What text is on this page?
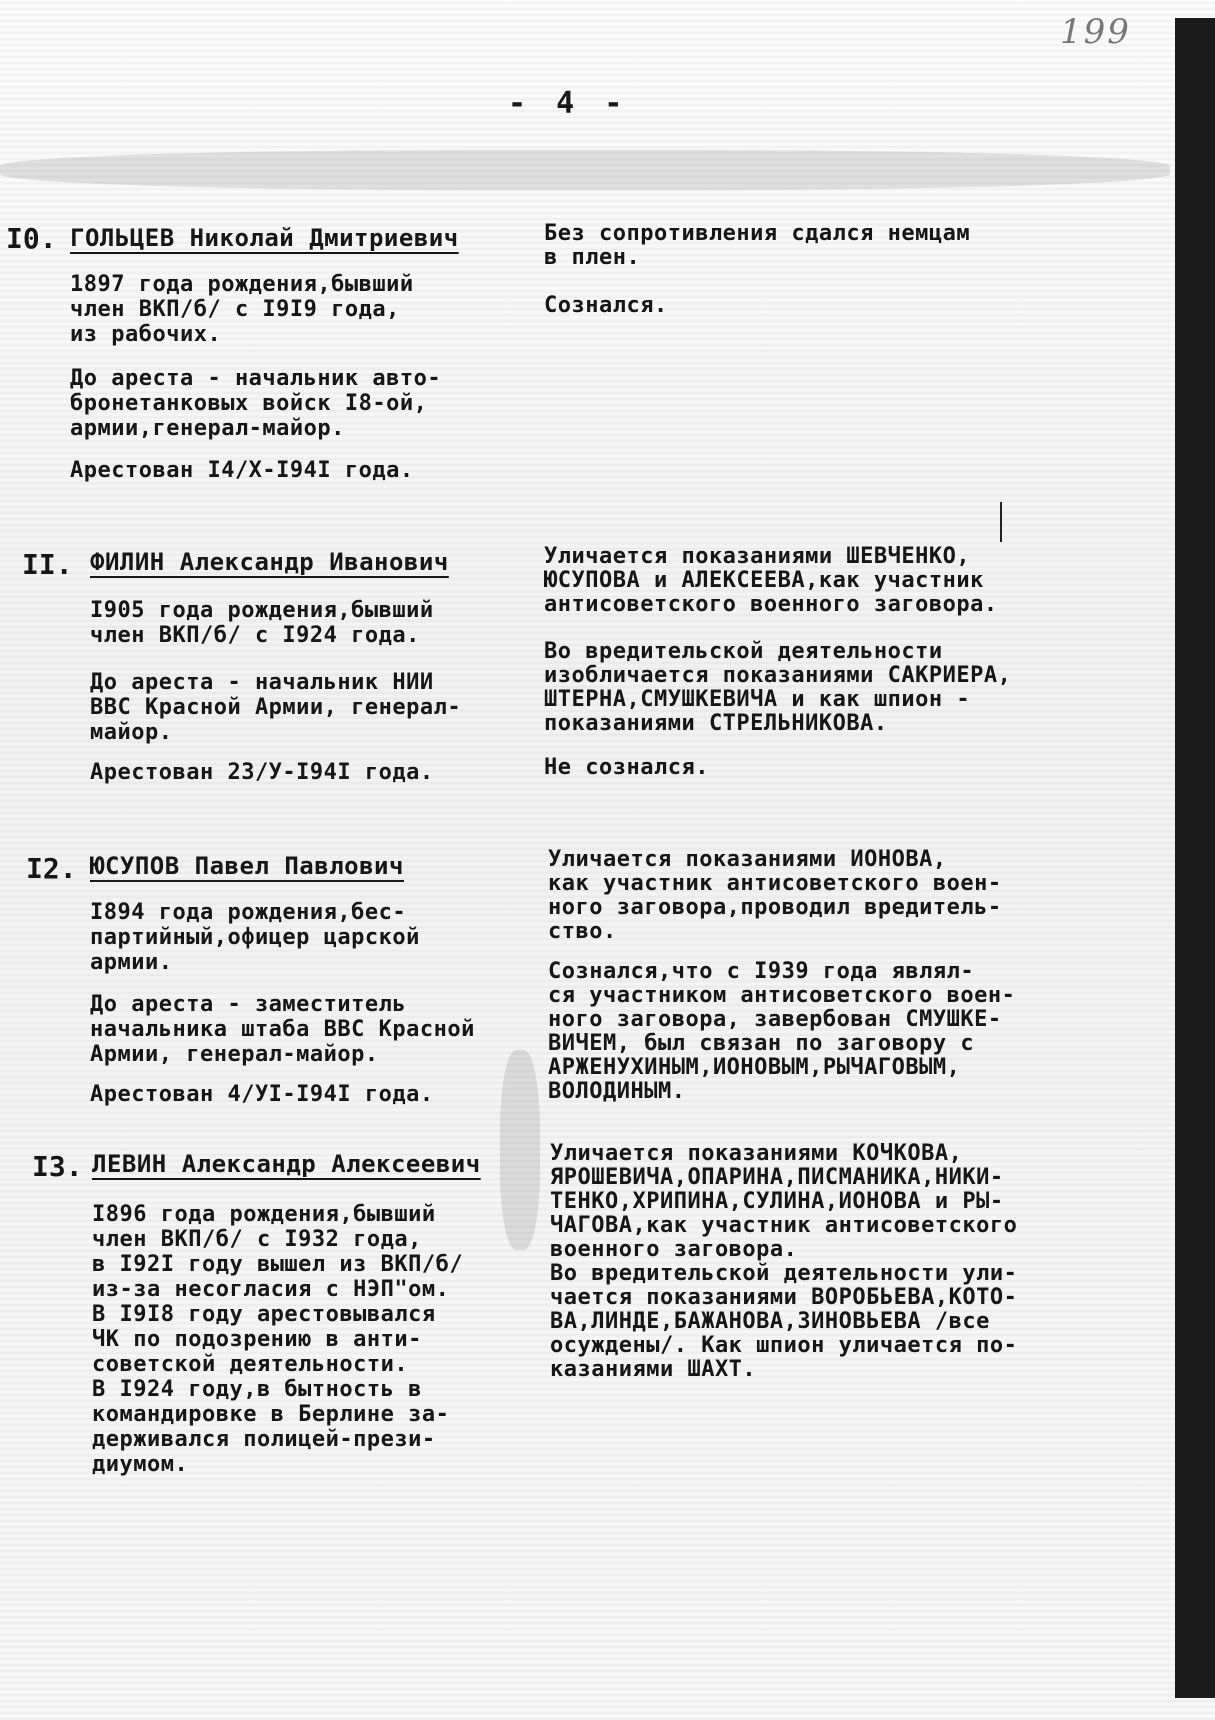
199
- 4 -
I0. ГОЛЬЦЕВ Николай Дмитриевич
1897 года рождения,бывший
член ВКП/б/ с I9I9 года,
из рабочих.
До ареста - начальник авто-
бронетанковых войск I8-ой,
армии,генерал-майор.
Арестован I4/X-I94I года.
Без сопротивления сдался немцам
в плен.
Сознался.
II. ФИЛИН Александр Иванович
I905 года рождения,бывший
член ВКП/б/ с I924 года.
До ареста - начальник НИИ
ВВС Красной Армии, генерал-
майор.
Арестован 23/У-I94I года.
Уличается показаниями ШЕВЧЕНКО,
ЮСУПОВА и АЛЕКСЕЕВА,как участник
антисоветского военного заговора.
Во вредительской деятельности
изобличается показаниями САКРИЕРА,
ШТЕРНА,СМУШКЕВИЧА и как шпион -
показаниями СТРЕЛЬНИКОВА.
Не сознался.
I2. ЮСУПОВ Павел Павлович
I894 года рождения,бес-
партийный,офицер царской
армии.
До ареста - заместитель
начальника штаба ВВС Красной
Армии, генерал-майор.
Арестован 4/УI-I94I года.
Уличается показаниями ИОНОВА,
как участник антисоветского воен-
ного заговора,проводил вредитель-
ство.
Сознался,что с I939 года являл-
ся участником антисоветского воен-
ного заговора, завербован СМУШКЕ-
ВИЧЕМ, был связан по заговору с
АРЖЕНУХИНЫМ,ИОНОВЫМ,РЫЧАГОВЫМ,
ВОЛОДИНЫМ.
I3. ЛЕВИН Александр Алексеевич
I896 года рождения,бывший
член ВКП/б/ с I932 года,
в I92I году вышел из ВКП/б/
из-за несогласия с НЭП"ом.
В I9I8 году арестовывался
ЧК по подозрению в анти-
советской деятельности.
В I924 году,в бытность в
командировке в Берлине за-
держивался полицей-прези-
диумом.
Уличается показаниями КОЧКОВА,
ЯРОШЕВИЧА,ОПАРИНА,ПИСМАНИКА,НИКИ-
ТЕНКО,ХРИПИНА,СУЛИНА,ИОНОВА и РЫ-
ЧАГОВА,как участник антисоветского
военного заговора.
Во вредительской деятельности ули-
чается показаниями ВОРОБЬЕВА,КОТО-
ВА,ЛИНДЕ,БАЖАНОВА,ЗИНОВЬЕВА /все
осуждены/. Как шпион уличается по-
казаниями ШАХТ.
